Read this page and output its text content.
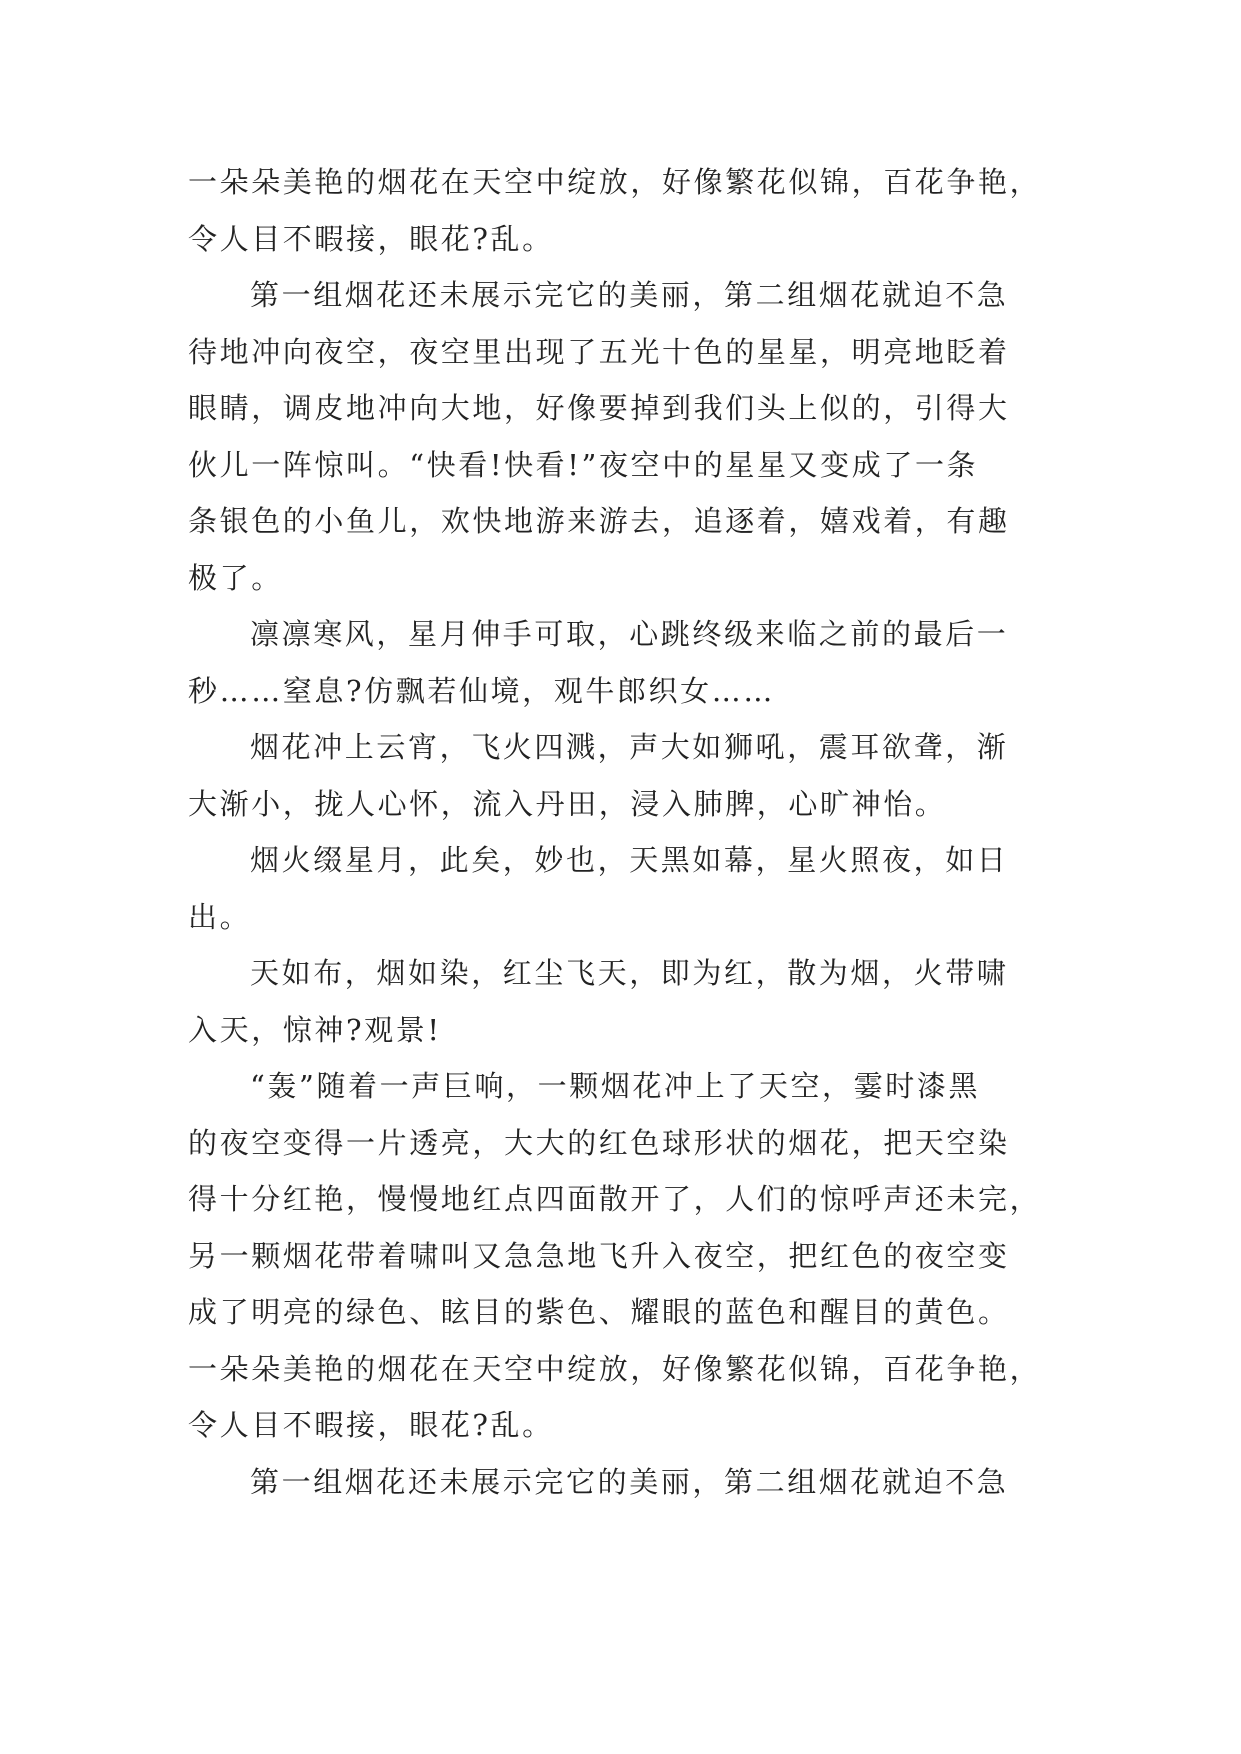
一朵朵美艳的烟花在天空中绽放，好像繁花似锦，百花争艳，
令人目不暇接，眼花?乱。
第一组烟花还未展示完它的美丽，第二组烟花就迫不急
待地冲向夜空，夜空里出现了五光十色的星星，明亮地眨着
眼睛，调皮地冲向大地，好像要掉到我们头上似的，引得大
伙儿一阵惊叫。“快看!快看!”夜空中的星星又变成了一条
条银色的小鱼儿，欢快地游来游去，追逐着，嬉戏着，有趣
极了。
凛凛寒风，星月伸手可取，心跳终级来临之前的最后一
秒……窒息?仿飘若仙境，观牛郎织女……
烟花冲上云宵，飞火四溅，声大如狮吼，震耳欲聋，渐
大渐小，拢人心怀，流入丹田，浸入肺脾，心旷神怡。
烟火缀星月，此矣，妙也，天黑如幕，星火照夜，如日
出。
天如布，烟如染，红尘飞天，即为红，散为烟，火带啸
入天，惊神?观景!
“轰”随着一声巨响，一颗烟花冲上了天空，霎时漆黑
的夜空变得一片透亮，大大的红色球形状的烟花，把天空染
得十分红艳，慢慢地红点四面散开了，人们的惊呼声还未完，
另一颗烟花带着啸叫又急急地飞升入夜空，把红色的夜空变
成了明亮的绿色、眩目的紫色、耀眼的蓝色和醒目的黄色。
一朵朵美艳的烟花在天空中绽放，好像繁花似锦，百花争艳，
令人目不暇接，眼花?乱。
第一组烟花还未展示完它的美丽，第二组烟花就迫不急
